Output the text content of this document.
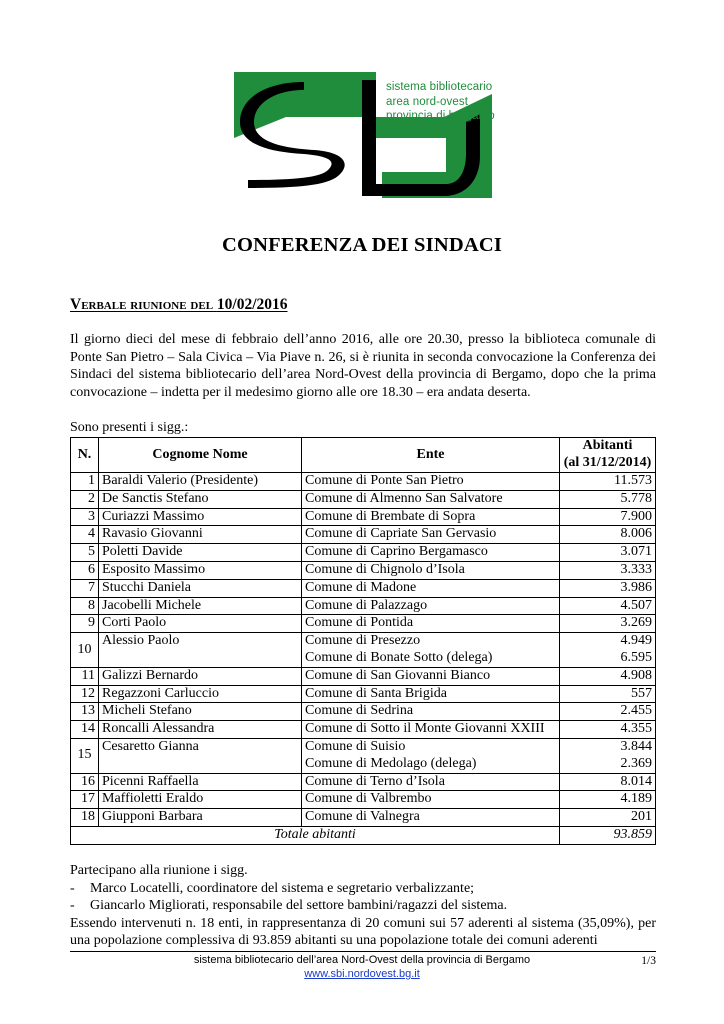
sistema bibliotecario
area nord-ovest
provincia di bergamo
CONFERENZA DEI SINDACI
Verbale riunione del 10/02/2016
Il giorno dieci del mese di febbraio dell’anno 2016, alle ore 20.30, presso la biblioteca comunale di Ponte San Pietro – Sala Civica – Via Piave n. 26, si è riunita in seconda convocazione la Conferenza dei Sindaci del sistema bibliotecario dell’area Nord-Ovest della provincia di Bergamo, dopo che la prima convocazione – indetta per il medesimo giorno alle ore 18.30 – era andata deserta.
Sono presenti i sigg.:
N.	Cognome Nome	Ente	Abitanti
(al 31/12/2014)

1	Baraldi Valerio (Presidente)	Comune di Ponte San Pietro	11.573
2	De Sanctis Stefano	Comune di Almenno San Salvatore	5.778
3	Curiazzi Massimo	Comune di Brembate di Sopra	7.900
4	Ravasio Giovanni	Comune di Capriate San Gervasio	8.006
5	Poletti Davide	Comune di Caprino Bergamasco	3.071
6	Esposito Massimo	Comune di Chignolo d’Isola	3.333
7	Stucchi Daniela	Comune di Madone	3.986
8	Jacobelli Michele	Comune di Palazzago	4.507
9	Corti Paolo	Comune di Pontida	3.269
10	Alessio Paolo	Comune di Presezzo	4.949
		Comune di Bonate Sotto (delega)	6.595
11	Galizzi Bernardo	Comune di San Giovanni Bianco	4.908
12	Regazzoni Carluccio	Comune di Santa Brigida	557
13	Micheli Stefano	Comune di Sedrina	2.455
14	Roncalli Alessandra	Comune di Sotto il Monte Giovanni XXIII	4.355
15	Cesaretto Gianna	Comune di Suisio	3.844
		Comune di Medolago (delega)	2.369
16	Picenni Raffaella	Comune di Terno d’Isola	8.014
17	Maffioletti Eraldo	Comune di Valbrembo	4.189
18	Giupponi Barbara	Comune di Valnegra	201
Totale abitanti			93.859
Partecipano alla riunione i sigg.
- Marco Locatelli, coordinatore del sistema e segretario verbalizzante;
- Giancarlo Migliorati, responsabile del settore bambini/ragazzi del sistema.
Essendo intervenuti n. 18 enti, in rappresentanza di 20 comuni sui 57 aderenti al sistema (35,09%), per una popolazione complessiva di 93.859 abitanti su una popolazione totale dei comuni aderenti
sistema bibliotecario dell’area Nord-Ovest della provincia di Bergamo
www.sbi.nordovest.bg.it
1/3
